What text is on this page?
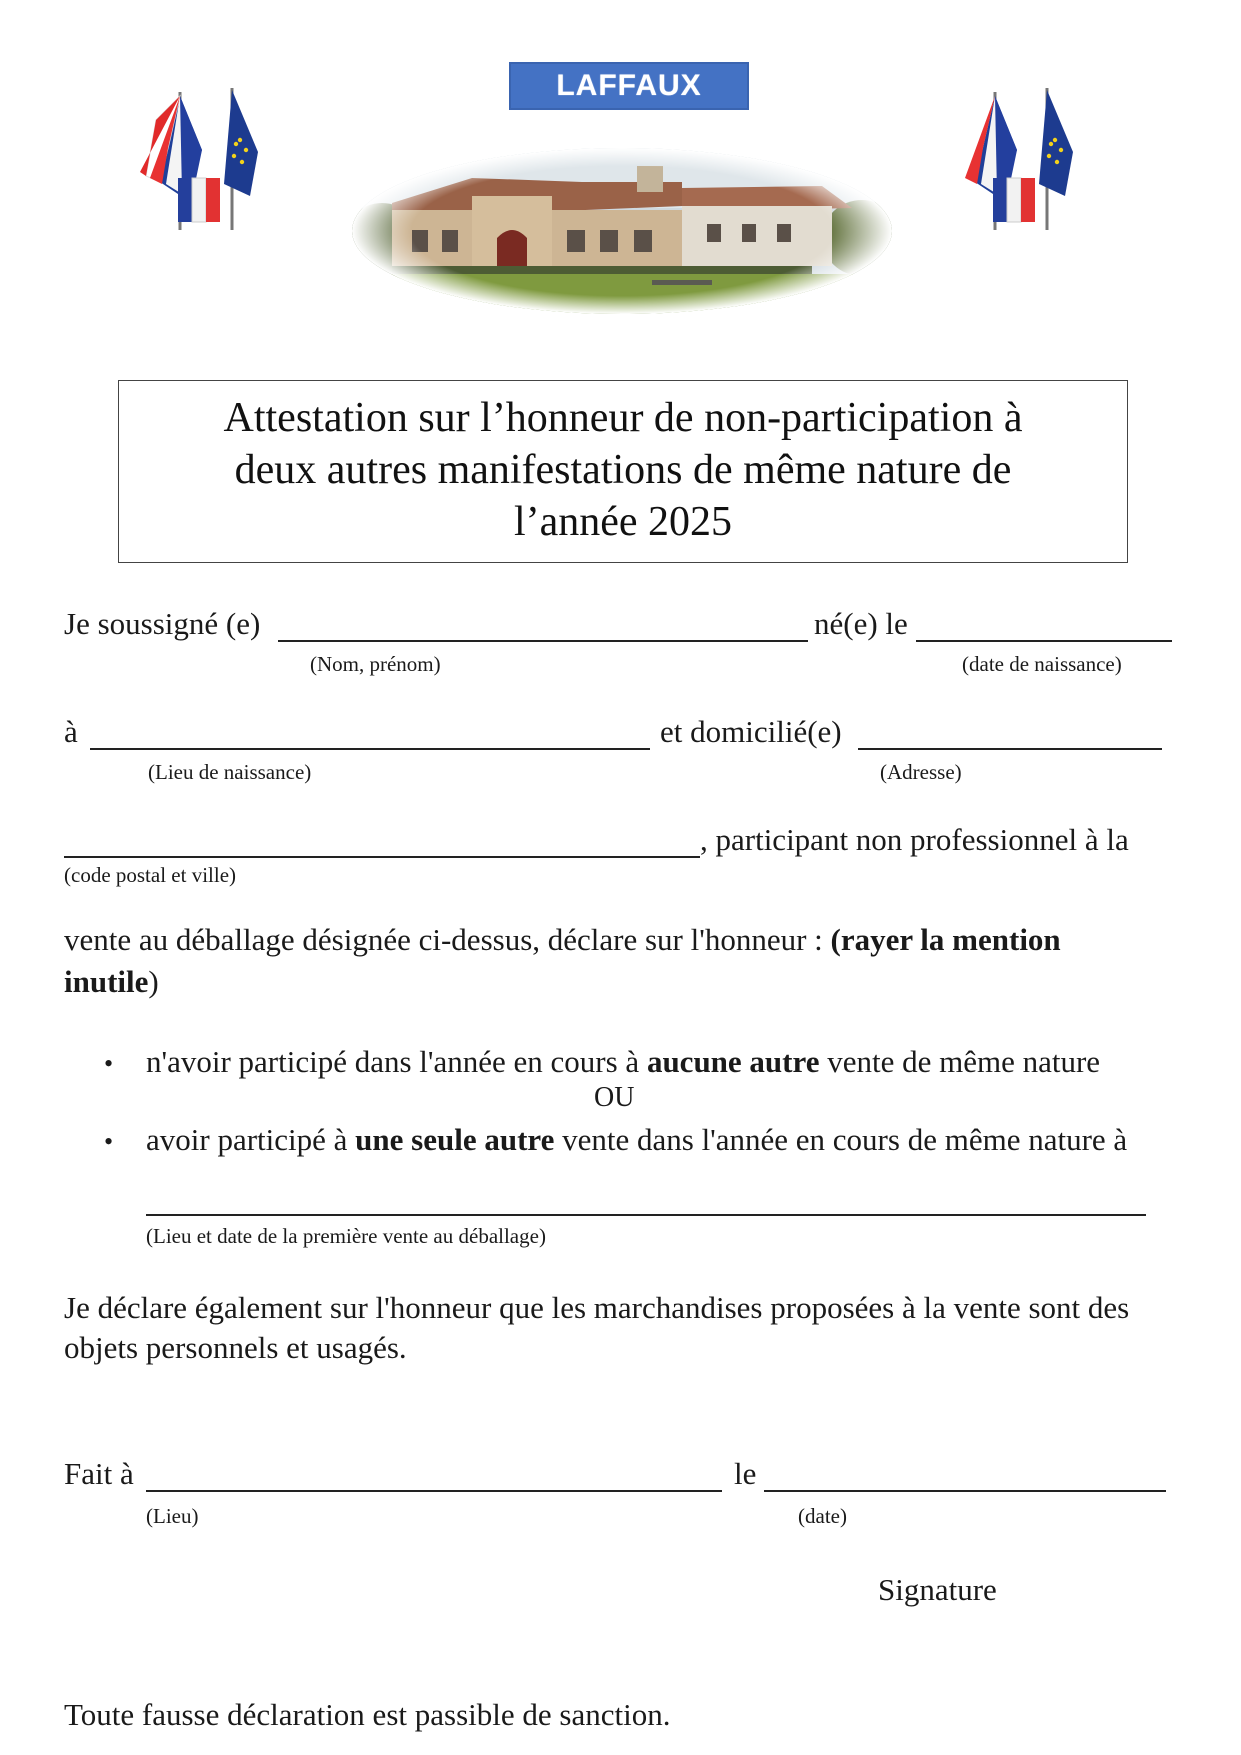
LAFFAUX
Attestation sur l’honneur de non-participation à
deux autres manifestations de même nature de
l’année 2025
Je soussigné (e)	né(e) le
(Nom, prénom)	(date de naissance)
à	et domicilié(e)
(Lieu de naissance)	(Adresse)
, participant non professionnel à la
(code postal et ville)
vente au déballage désignée ci-dessus, déclare sur l'honneur : (rayer la mention
inutile)
• n'avoir participé dans l'année en cours à aucune autre vente de même nature
OU
• avoir participé à une seule autre vente dans l'année en cours de même nature à
(Lieu et date de la première vente au déballage)
Je déclare également sur l'honneur que les marchandises proposées à la vente sont des
objets personnels et usagés.
Fait à	le
(Lieu)	(date)
Signature
Toute fausse déclaration est passible de sanction.
